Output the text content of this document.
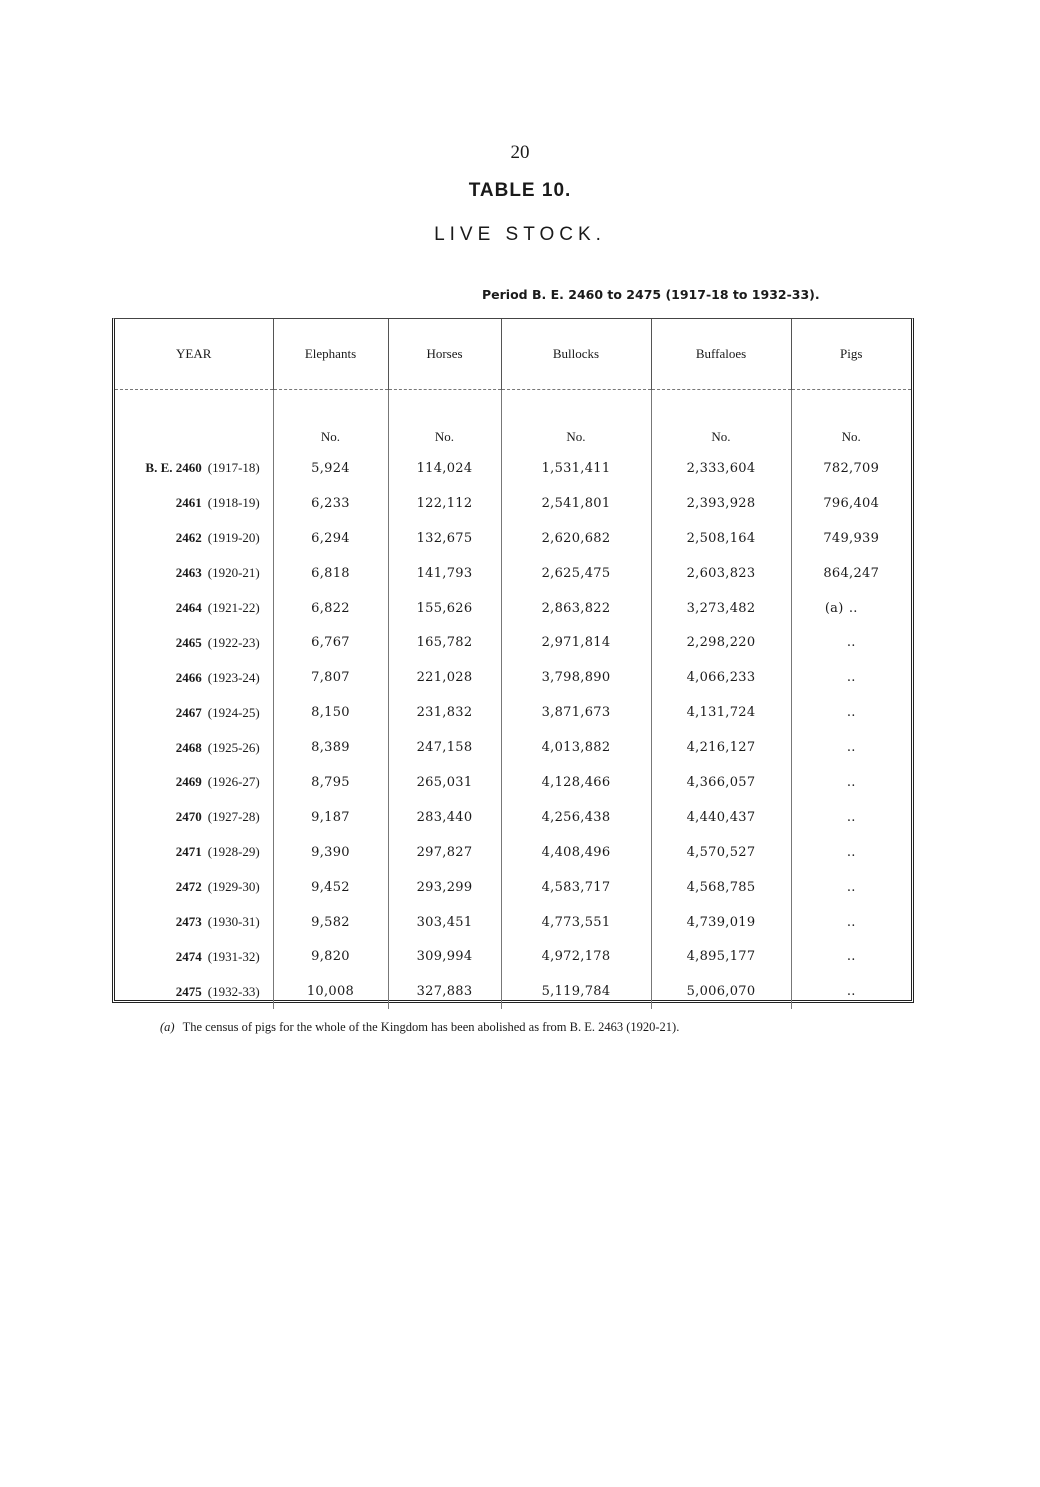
20
TABLE 10.
LIVE STOCK.
Period B. E. 2460 to 2475 (1917-18 to 1932-33).
YEAR	Elephants	Horses	Bullocks	Buffaloes	Pigs
	No.	No.	No.	No.	No.
B. E. 2460 (1917-18)	5,924	114,024	1,531,411	2,333,604	782,709
2461 (1918-19)	6,233	122,112	2,541,801	2,393,928	796,404
2462 (1919-20)	6,294	132,675	2,620,682	2,508,164	749,939
2463 (1920-21)	6,818	141,793	2,625,475	2,603,823	864,247
2464 (1921-22)	6,822	155,626	2,863,822	3,273,482	(a) ..
2465 (1922-23)	6,767	165,782	2,971,814	2,298,220	..
2466 (1923-24)	7,807	221,028	3,798,890	4,066,233	..
2467 (1924-25)	8,150	231,832	3,871,673	4,131,724	..
2468 (1925-26)	8,389	247,158	4,013,882	4,216,127	..
2469 (1926-27)	8,795	265,031	4,128,466	4,366,057	..
2470 (1927-28)	9,187	283,440	4,256,438	4,440,437	..
2471 (1928-29)	9,390	297,827	4,408,496	4,570,527	..
2472 (1929-30)	9,452	293,299	4,583,717	4,568,785	..
2473 (1930-31)	9,582	303,451	4,773,551	4,739,019	..
2474 (1931-32)	9,820	309,994	4,972,178	4,895,177	..
2475 (1932-33)	10,008	327,883	5,119,784	5,006,070	..
(a) The census of pigs for the whole of the Kingdom has been abolished as from B. E. 2463 (1920-21).
